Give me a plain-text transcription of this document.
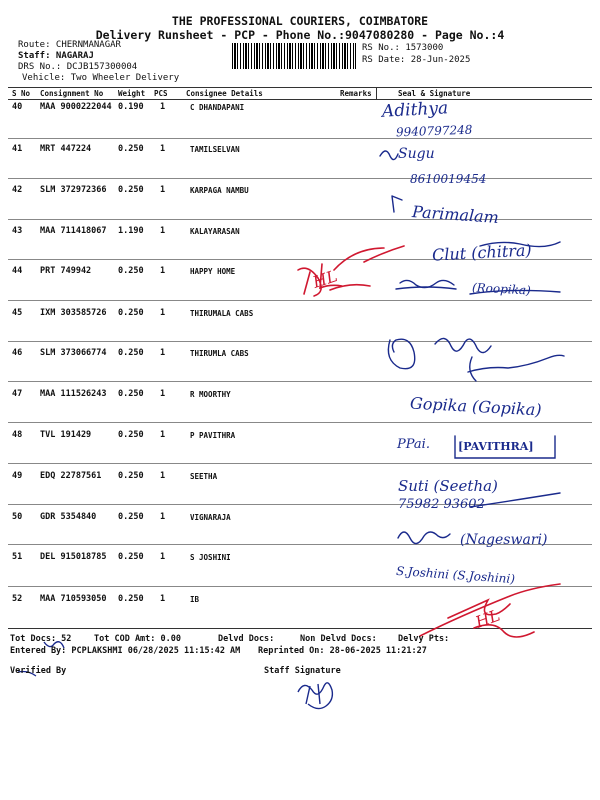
THE PROFESSIONAL COURIERS, COIMBATORE
Delivery Runsheet - PCP - Phone No.:9047080280 - Page No.:4
Route: CHERNMANAGAR
Staff: NAGARAJ
DRS No.: DCJB157300004
Vehicle: Two Wheeler Delivery
RS No.: 1573000
RS Date: 28-Jun-2025
S No Consignment No Weight PCS Consignee Details	Remarks	Seal & Signature
40 MAA 9000222044 0.190 1	C DHANDAPANI
41 MRT 447224	0.250 1	TAMILSELVAN
42 SLM 372972366 0.250 1	KARPAGA NAMBU
43 MAA 711418067 1.190 1	KALAYARASAN
44 PRT 749942	0.250 1	HAPPY HOME
45 IXM 303585726 0.250 1	THIRUMALA CABS
46 SLM 373066774 0.250 1	THIRUMLA CABS
47 MAA 111526243 0.250 1	R MOORTHY
48 TVL 191429	0.250 1	P PAVITHRA
49 EDQ 22787561 0.250 1	SEETHA
50 GDR 5354840	0.250 1	VIGNARAJA
51 DEL 915018785 0.250 1	S JOSHINI
52 MAA 710593050 0.250 1	IB
Adithya
9940797248
Sugu
8610019454
Parimalam
Clut (chitra)
(Roopika)
Gopika (Gopika)
PPai.	[PAVITHRA]
Suti (Seetha)
75982 93602
(Nageswari)
S.Joshini (S.Joshini)
HL
HL
Tot Docs: 52	Tot COD Amt: 0.00	Delvd Docs:	Non Delvd Docs: Delvy Pts:
Entered By: PCPLAKSHMI 06/28/2025 11:15:42 AM Reprinted On: 28-06-2025 11:21:27
Verified By	Staff Signature
